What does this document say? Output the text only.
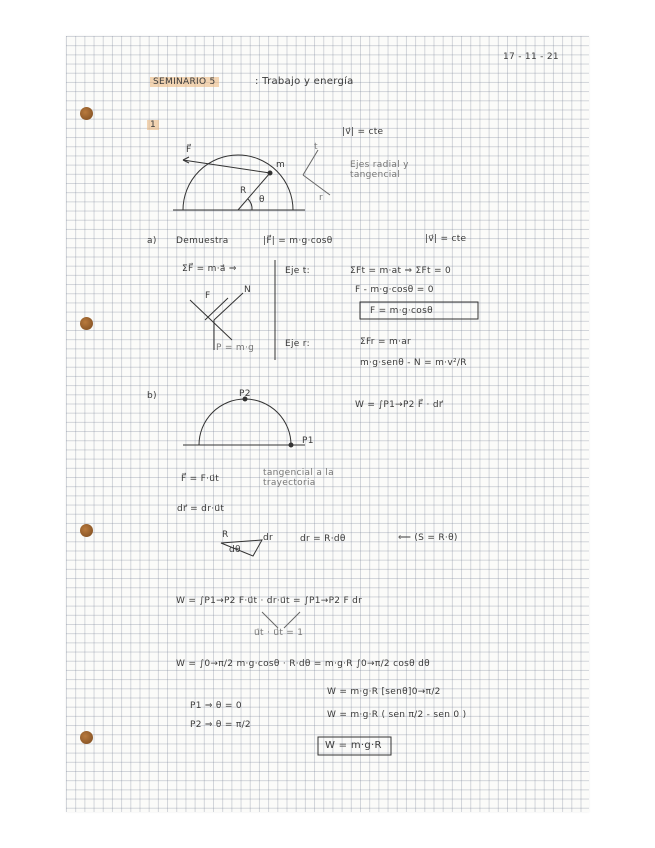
17 - 11 - 21
SEMINARIO 5	: Trabajo y energía
1
|v⃗| = cte
F⃗
m
R
θ
t
r
Ejes radial y tangencial
a) Demuestra	|F⃗| = m·g·cosθ	|v⃗| = cte
ΣF⃗ = m·a⃗ ⇒	Eje t:	ΣFt = m·at ⇒ ΣFt = 0
F - m·g·cosθ = 0
F = m·g·cosθ
F
N
P = m·g	Eje r:	ΣFr = m·ar
m·g·senθ - N = m·v²/R
b)	P2
P1
W = ∫P1→P2 F⃗ · dr⃗
F⃗ = F·u⃗t
tangencial a la trayectoria
dr⃗ = dr·u⃗t
R
dθ
dr	dr = R·dθ	⟸ (S = R·θ)
W = ∫P1→P2 F·u⃗t · dr·u⃗t = ∫P1→P2 F dr
u⃗t · u⃗t = 1
W = ∫0→π/2 m·g·cosθ · R·dθ = m·g·R ∫0→π/2 cosθ dθ
P1 ⇒ θ = 0
P2 ⇒ θ = π/2
W = m·g·R [senθ]0→π/2
W = m·g·R ( sen π/2 - sen 0 )
W = m·g·R
